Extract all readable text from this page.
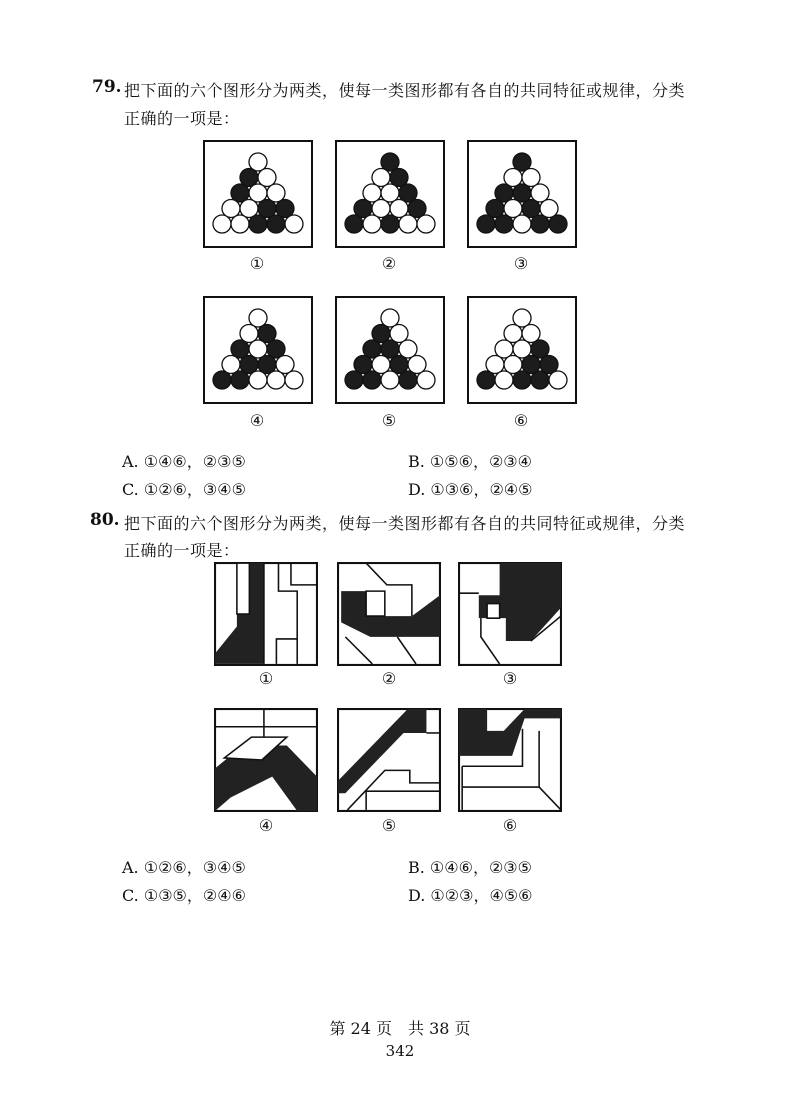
79. 把下面的六个图形分为两类，使每一类图形都有各自的共同特征或规律，分类
正确的一项是：
①	②	③
④	⑤	⑥
A. ①④⑥，②③⑤	B. ①⑤⑥，②③④
C. ①②⑥，③④⑤	D. ①③⑥，②④⑤
80. 把下面的六个图形分为两类，使每一类图形都有各自的共同特征或规律，分类
正确的一项是：
①	②	③
④	⑤	⑥
A. ①②⑥，③④⑤	B. ①④⑥，②③⑤
C. ①③⑤，②④⑥	D. ①②③，④⑤⑥
第 24 页　共 38 页
342
